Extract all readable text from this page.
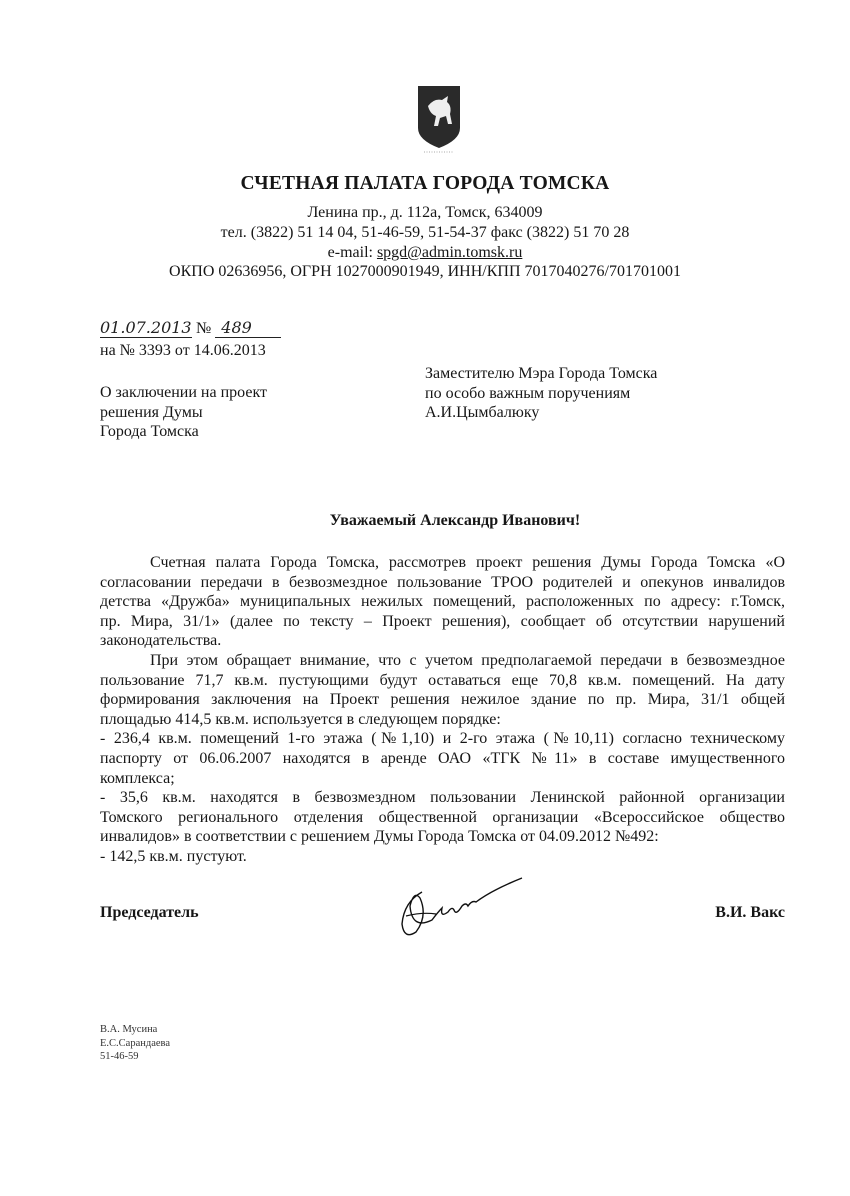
СЧЕТНАЯ ПАЛАТА ГОРОДА ТОМСКА
Ленина пр., д. 112а, Томск, 634009
тел. (3822) 51 14 04, 51-46-59, 51-54-37 факс (3822) 51 70 28
e-mail: spgd@admin.tomsk.ru
ОКПО 02636956, ОГРН 1027000901949, ИНН/КПП 7017040276/701701001
01.07.2013 № 489
на № 3393 от 14.06.2013
О заключении на проект
решения Думы
Города Томска
Заместителю Мэра Города Томска
по особо важным поручениям
А.И.Цымбалюку
Уважаемый Александр Иванович!
Счетная палата Города Томска, рассмотрев проект решения Думы Города Томска «О
согласовании передачи в безвозмездное пользование ТРОО родителей и опекунов инвалидов
детства «Дружба» муниципальных нежилых помещений, расположенных по адресу: г.Томск,
пр. Мира, 31/1» (далее по тексту – Проект решения), сообщает об отсутствии нарушений
законодательства.
При этом обращает внимание, что с учетом предполагаемой передачи в безвозмездное
пользование 71,7 кв.м. пустующими будут оставаться еще 70,8 кв.м. помещений. На дату
формирования заключения на Проект решения нежилое здание по пр. Мира, 31/1 общей
площадью 414,5 кв.м. используется в следующем порядке:
- 236,4 кв.м. помещений 1-го этажа (№1,10) и 2-го этажа (№10,11) согласно техническому
паспорту от 06.06.2007 находятся в аренде ОАО «ТГК №11» в составе имущественного
комплекса;
- 35,6 кв.м. находятся в безвозмездном пользовании Ленинской районной организации
Томского регионального отделения общественной организации «Всероссийское общество
инвалидов» в соответствии с решением Думы Города Томска от 04.09.2012 №492:
- 142,5 кв.м. пустуют.
Председатель	В.И. Вакс
В.А. Мусина
Е.С.Сарандаева
51-46-59
